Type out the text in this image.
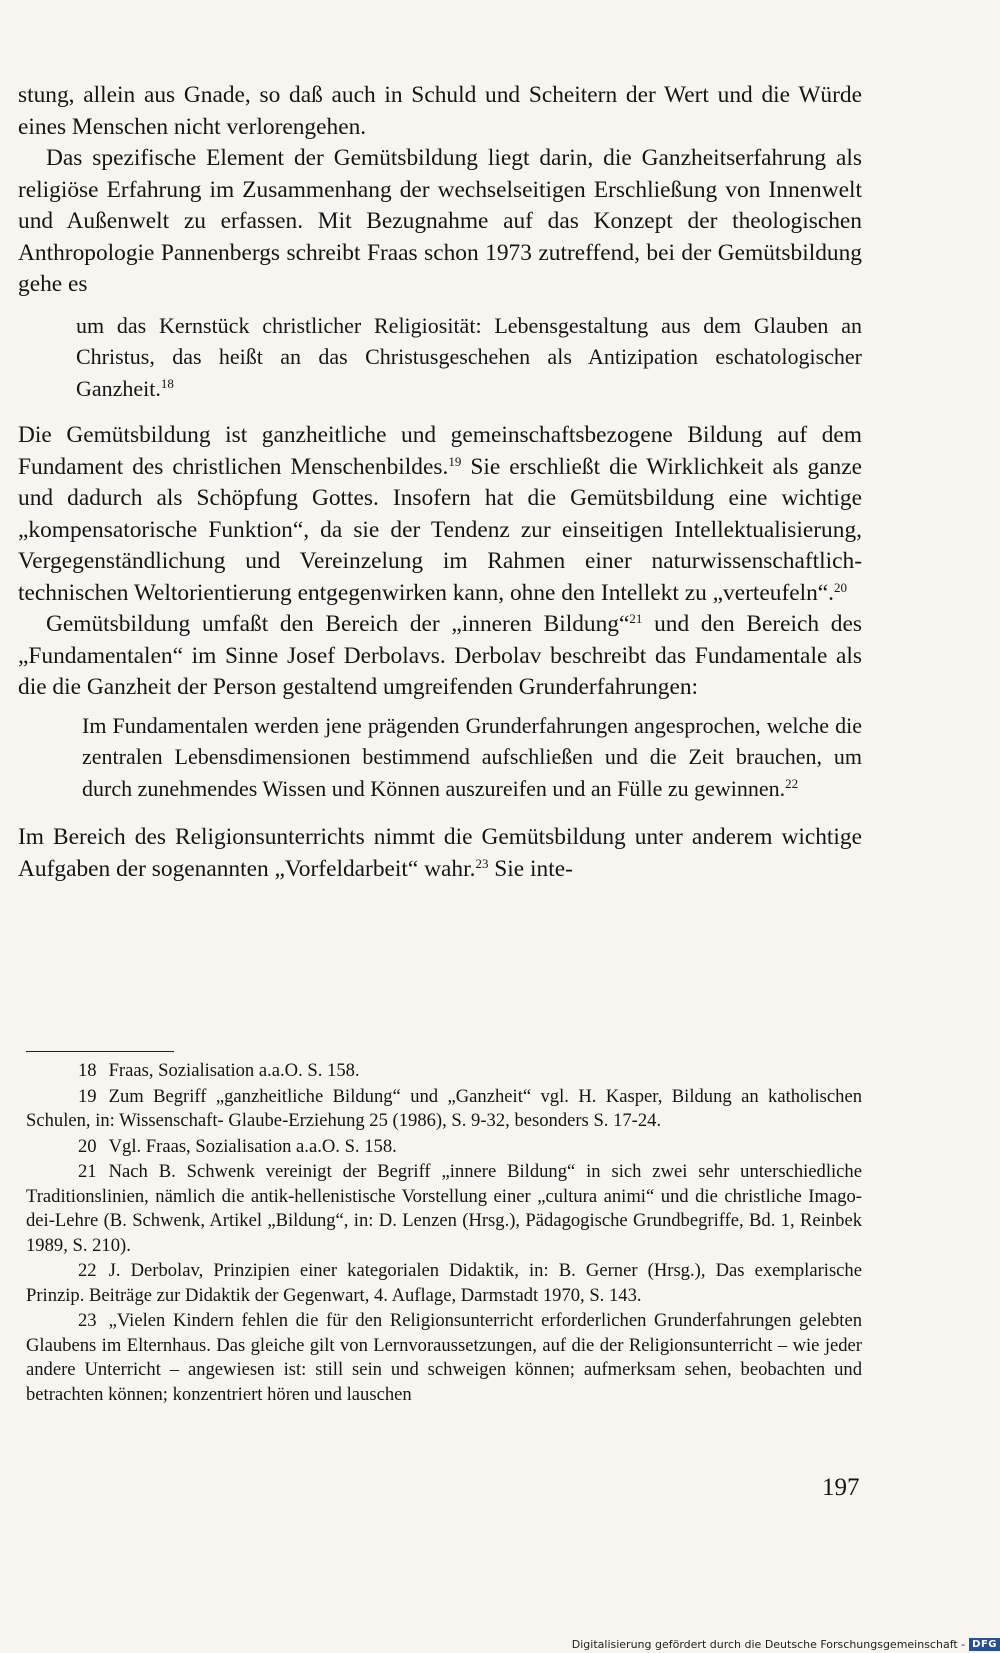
stung, allein aus Gnade, so daß auch in Schuld und Scheitern der Wert und die Würde eines Menschen nicht verlorengehen.

Das spezifische Element der Gemütsbildung liegt darin, die Ganzheitserfahrung als religiöse Erfahrung im Zusammenhang der wechselseitigen Erschließung von Innenwelt und Außenwelt zu erfassen. Mit Bezugnahme auf das Konzept der theologischen Anthropologie Pannenbergs schreibt Fraas schon 1973 zutreffend, bei der Gemütsbildung gehe es

um das Kernstück christlicher Religiosität: Lebensgestaltung aus dem Glauben an Christus, das heißt an das Christusgeschehen als Antizipation eschatologischer Ganzheit.$^{18}$

Die Gemütsbildung ist ganzheitliche und gemeinschaftsbezogene Bildung auf dem Fundament des christlichen Menschenbildes.$^{19}$ Sie erschließt die Wirklichkeit als ganze und dadurch als Schöpfung Gottes. Insofern hat die Gemütsbildung eine wichtige „kompensatorische Funktion“, da sie der Tendenz zur einseitigen Intellektualisierung, Vergegenständlichung und Vereinzelung im Rahmen einer naturwissenschaftlich-technischen Weltorientierung entgegenwirken kann, ohne den Intellekt zu „verteufeln“.$^{20}$

Gemütsbildung umfaßt den Bereich der „inneren Bildung“$^{21}$ und den Bereich des „Fundamentalen“ im Sinne Josef Derbolavs. Derbolav beschreibt das Fundamentale als die die Ganzheit der Person gestaltend umgreifenden Grunderfahrungen:

Im Fundamentalen werden jene prägenden Grunderfahrungen angesprochen, welche die zentralen Lebensdimensionen bestimmend aufschließen und die Zeit brauchen, um durch zunehmendes Wissen und Können auszureifen und an Fülle zu gewinnen.$^{22}$

Im Bereich des Religionsunterrichts nimmt die Gemütsbildung unter anderem wichtige Aufgaben der sogenannten „Vorfeldarbeit“ wahr.$^{23}$ Sie inte-

18 Fraas, Sozialisation a.a.O. S. 158.

19 Zum Begriff „ganzheitliche Bildung“ und „Ganzheit“ vgl. H. Kasper, Bildung an katholischen Schulen, in: Wissenschaft- Glaube-Erziehung 25 (1986), S. 9-32, besonders S. 17-24.

20 Vgl. Fraas, Sozialisation a.a.O. S. 158.

21 Nach B. Schwenk vereinigt der Begriff „innere Bildung“ in sich zwei sehr unterschiedliche Traditionslinien, nämlich die antik-hellenistische Vorstellung einer „cultura animi“ und die christliche Imago-dei-Lehre (B. Schwenk, Artikel „Bildung“, in: D. Lenzen (Hrsg.), Pädagogische Grundbegriffe, Bd. 1, Reinbek 1989, S. 210).

22 J. Derbolav, Prinzipien einer kategorialen Didaktik, in: B. Gerner (Hrsg.), Das exemplarische Prinzip. Beiträge zur Didaktik der Gegenwart, 4. Auflage, Darmstadt 1970, S. 143.

23 „Vielen Kindern fehlen die für den Religionsunterricht erforderlichen Grunderfahrungen gelebten Glaubens im Elternhaus. Das gleiche gilt von Lernvoraussetzungen, auf die der Religionsunterricht – wie jeder andere Unterricht – angewiesen ist: still sein und schweigen können; aufmerksam sehen, beobachten und betrachten können; konzentriert hören und lauschen

197
Digitalisierung gefördert durch die Deutsche Forschungsgemeinschaft - DFG
